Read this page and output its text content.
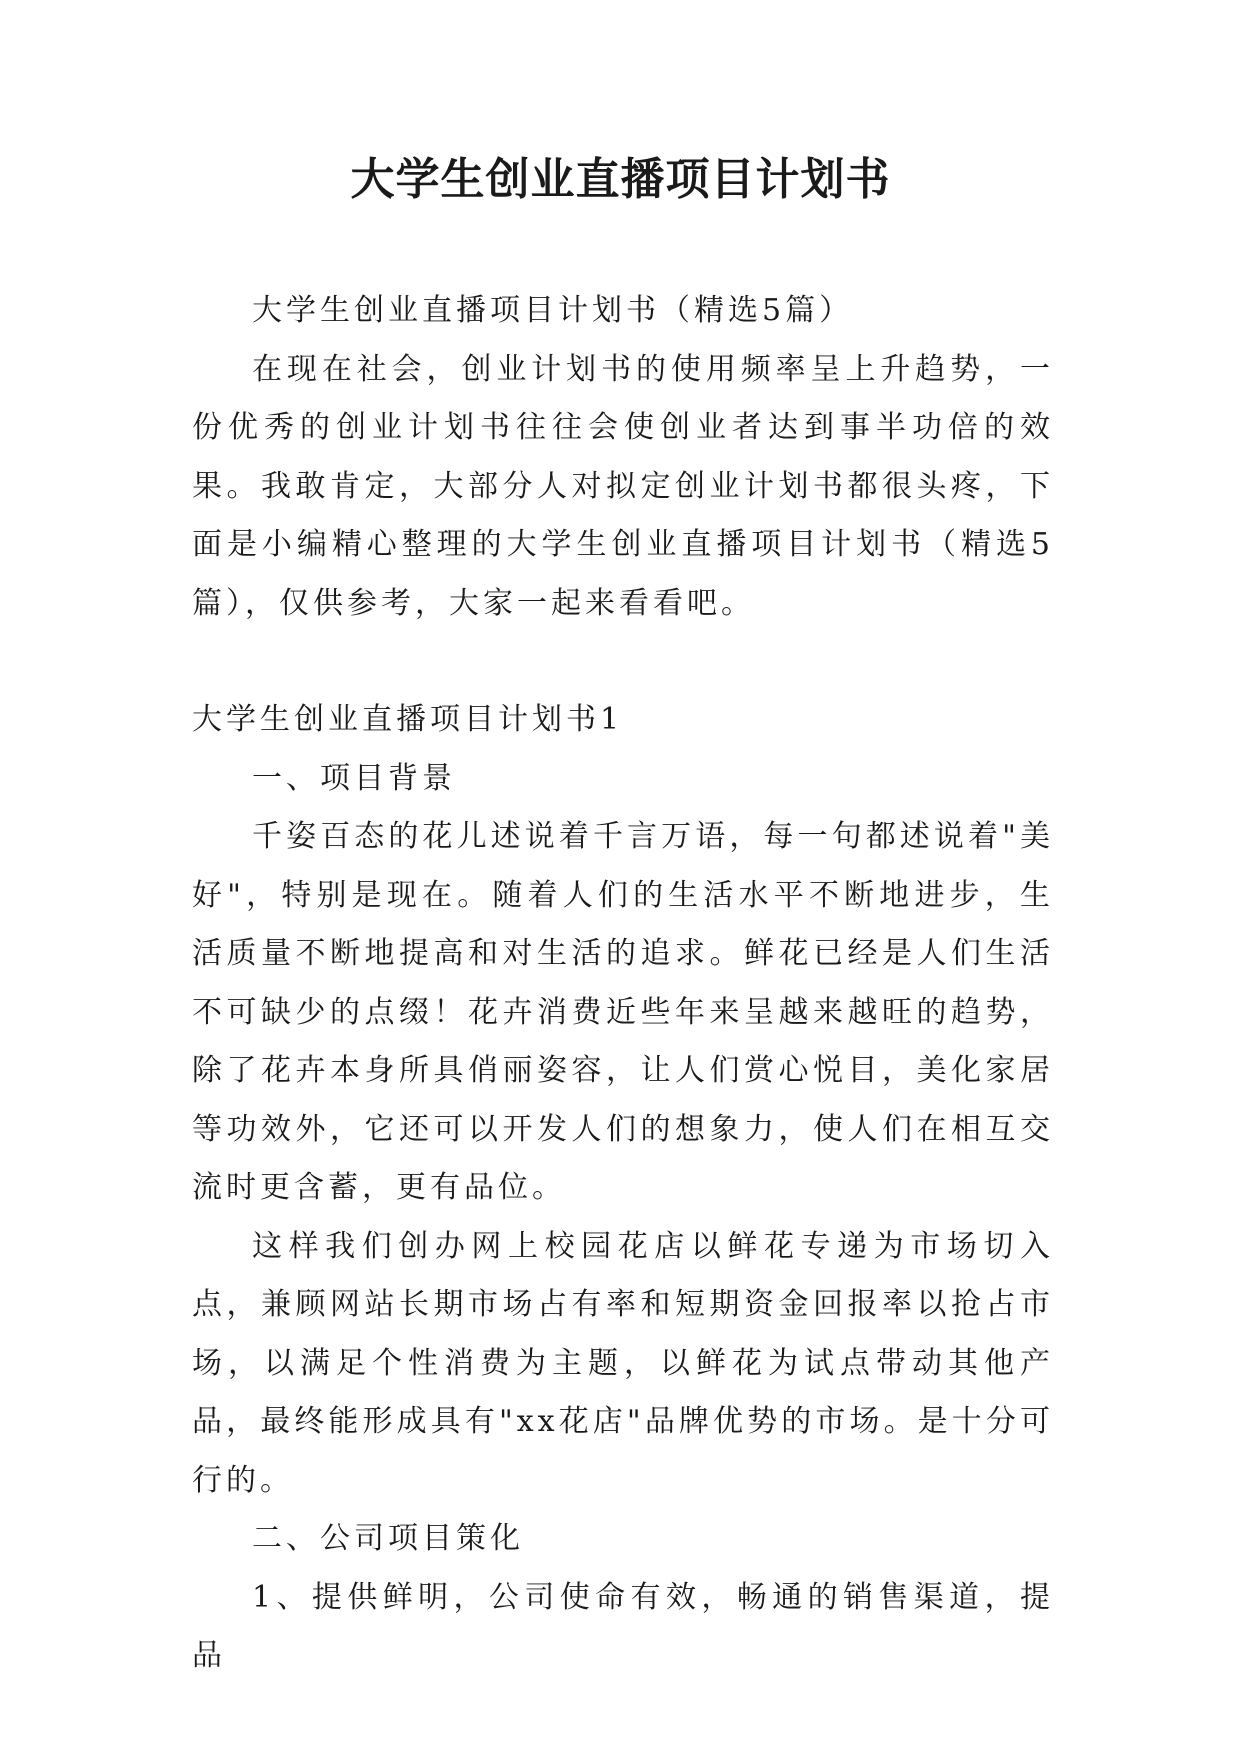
大学生创业直播项目计划书

大学生创业直播项目计划书（精选5篇）

在现在社会，创业计划书的使用频率呈上升趋势，一份优秀的创业计划书往往会使创业者达到事半功倍的效果。我敢肯定，大部分人对拟定创业计划书都很头疼，下面是小编精心整理的大学生创业直播项目计划书（精选5篇），仅供参考，大家一起来看看吧。

大学生创业直播项目计划书1

一、项目背景

千姿百态的花儿述说着千言万语，每一句都述说着"美好"，特别是现在。随着人们的生活水平不断地进步，生活质量不断地提高和对生活的追求。鲜花已经是人们生活不可缺少的点缀！花卉消费近些年来呈越来越旺的趋势，除了花卉本身所具俏丽姿容，让人们赏心悦目，美化家居等功效外，它还可以开发人们的想象力，使人们在相互交流时更含蓄，更有品位。

这样我们创办网上校园花店以鲜花专递为市场切入点，兼顾网站长期市场占有率和短期资金回报率以抢占市场，以满足个性消费为主题，以鲜花为试点带动其他产品，最终能形成具有"xx花店"品牌优势的市场。是十分可行的。

二、公司项目策化

1、提供鲜明，公司使命有效，畅通的销售渠道，提品
